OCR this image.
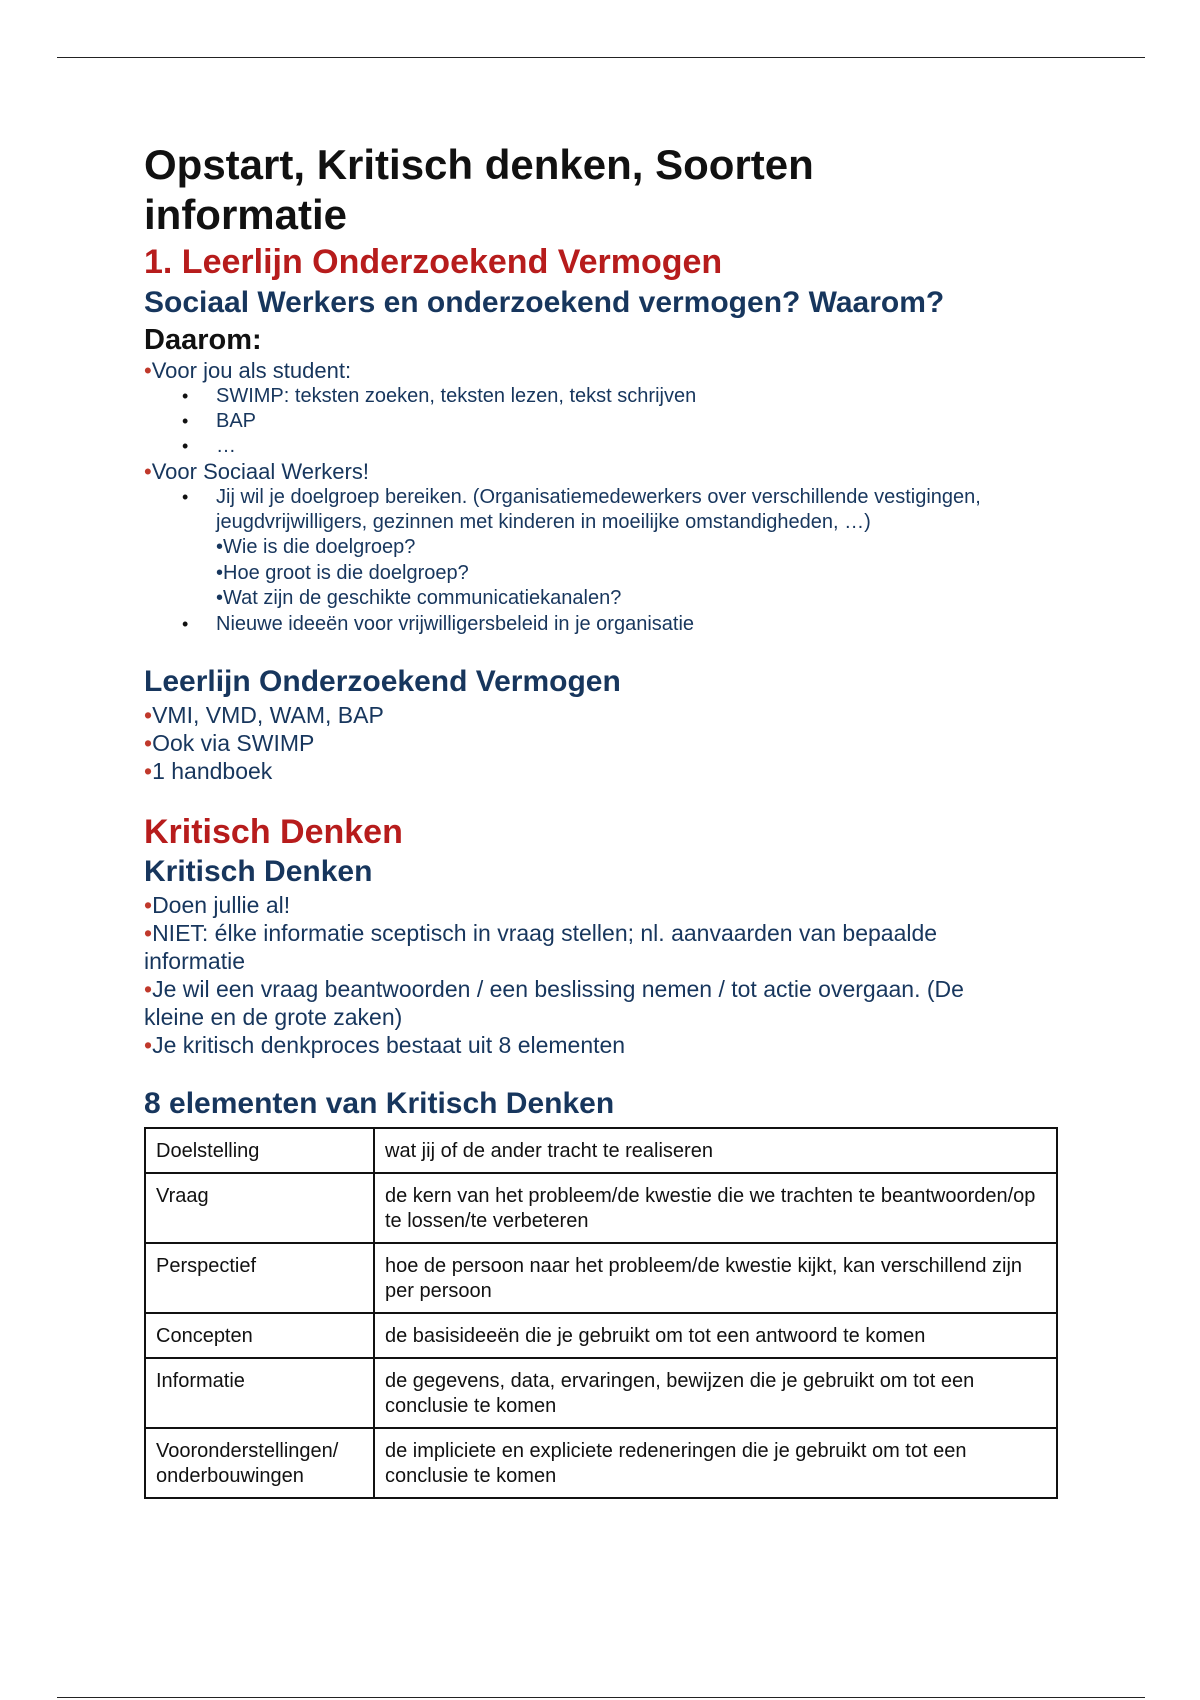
Opstart, Kritisch denken, Soorten informatie
1. Leerlijn Onderzoekend Vermogen
Sociaal Werkers en onderzoekend vermogen? Waarom?
Daarom:
•Voor jou als student:
• SWIMP: teksten zoeken, teksten lezen, tekst schrijven
• BAP
• …
•Voor Sociaal Werkers!
• Jij wil je doelgroep bereiken. (Organisatiemedewerkers over verschillende vestigingen, jeugdvrijwilligers, gezinnen met kinderen in moeilijke omstandigheden, …)
•Wie is die doelgroep?
•Hoe groot is die doelgroep?
•Wat zijn de geschikte communicatiekanalen?
• Nieuwe ideeën voor vrijwilligersbeleid in je organisatie
Leerlijn Onderzoekend Vermogen
•VMI, VMD, WAM, BAP
•Ook via SWIMP
•1 handboek
Kritisch Denken
Kritisch Denken
•Doen jullie al!
•NIET: élke informatie sceptisch in vraag stellen; nl. aanvaarden van bepaalde informatie
•Je wil een vraag beantwoorden / een beslissing nemen / tot actie overgaan. (De kleine en de grote zaken)
•Je kritisch denkproces bestaat uit 8 elementen
8 elementen van Kritisch Denken
Doelstelling	wat jij of de ander tracht te realiseren
Vraag	de kern van het probleem/de kwestie die we trachten te beantwoorden/op te lossen/te verbeteren
Perspectief	hoe de persoon naar het probleem/de kwestie kijkt, kan verschillend zijn per persoon
Concepten	de basisideeën die je gebruikt om tot een antwoord te komen
Informatie	de gegevens, data, ervaringen, bewijzen die je gebruikt om tot een conclusie te komen
Vooronderstellingen/ onderbouwingen	de impliciete en expliciete redeneringen die je gebruikt om tot een conclusie te komen
